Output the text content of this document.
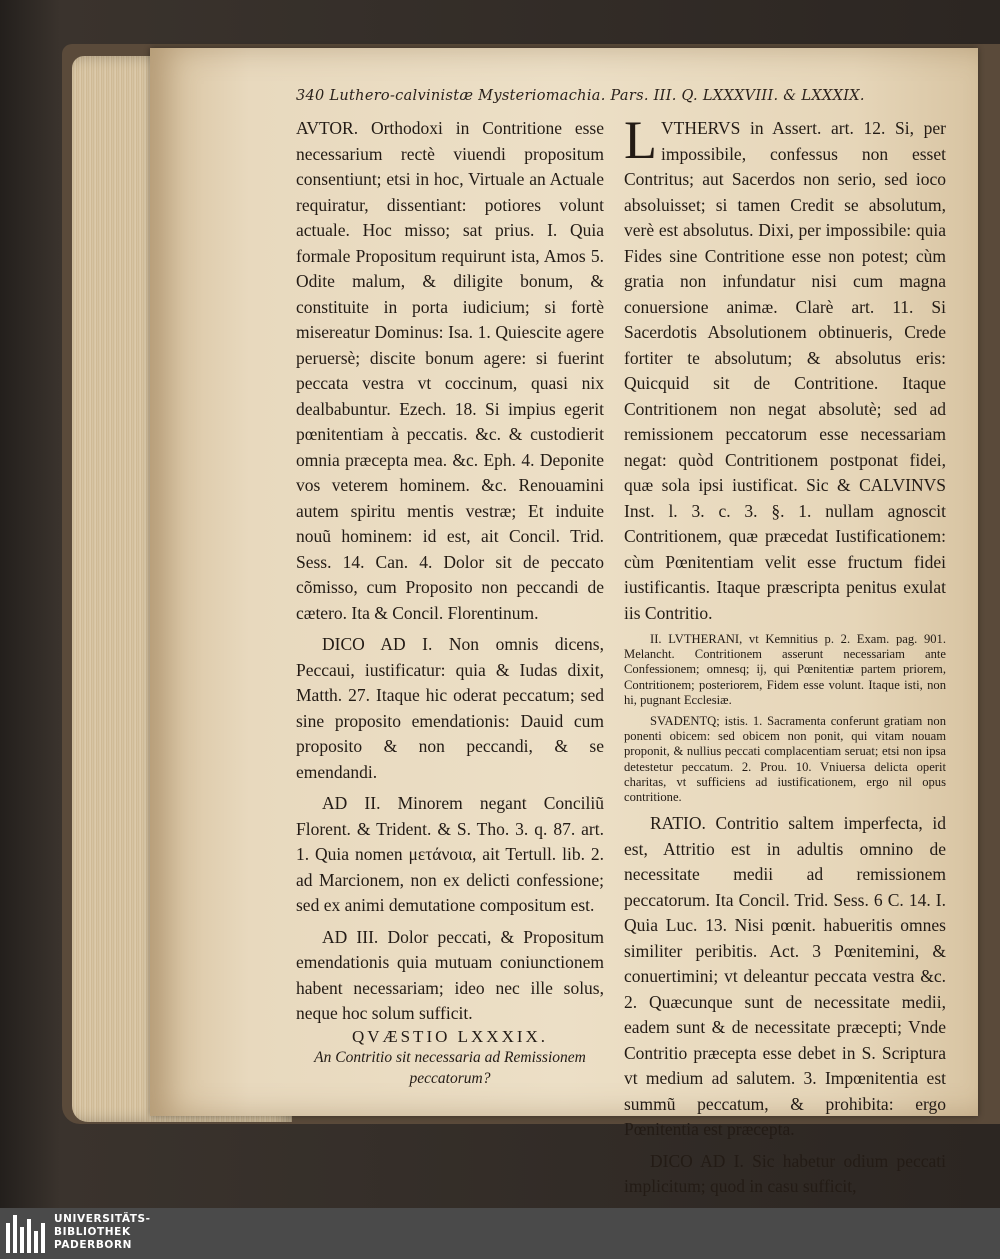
340 Luthero-calvinistæ Mysteriomachia. Pars. III. Q. LXXXVIII. & LXXXIX.

AVTOR. Orthodoxi in Contritione esse necessarium rectè viuendi propositum consentiunt; etsi in hoc, Virtuale an Actuale requiratur, dissentiant: potiores volunt actuale. Hoc misso; sat prius. I. Quia formale Propositum requirunt ista, Amos 5. Odite malum, & diligite bonum, & constituite in porta iudicium; si fortè misereatur Dominus: Isa. 1. Quiescite agere peruersè; discite bonum agere: si fuerint peccata vestra vt coccinum, quasi nix dealbabuntur. Ezech. 18. Si impius egerit pœnitentiam à peccatis. &c. & custodierit omnia præcepta mea. &c. Eph. 4. Deponite vos veterem hominem. &c. Renouamini autem spiritu mentis vestræ; Et induite nouũ hominem: id est, ait Concil. Trid. Sess. 14. Can. 4. Dolor sit de peccato cõmisso, cum Proposito non peccandi de cætero. Ita & Concil. Florentinum.

DICO AD I. Non omnis dicens, Peccaui, iustificatur: quia & Iudas dixit, Matth. 27. Itaque hic oderat peccatum; sed sine proposito emendationis: Dauid cum proposito & non peccandi, & se emendandi.

AD II. Minorem negant Conciliũ Florent. & Trident. & S. Tho. 3. q. 87. art. 1. Quia nomen μετάνοια, ait Tertull. lib. 2. ad Marcionem, non ex delicti confessione; sed ex animi demutatione compositum est.

AD III. Dolor peccati, & Propositum emendationis quia mutuam coniunctionem habent necessariam; ideo nec ille solus, neque hoc solum sufficit.

QVÆSTIO LXXXIX.

An Contritio sit necessaria ad Remissionem peccatorum?

LVTHERVS in Assert. art. 12. Si, per impossibile, confessus non esset Contritus; aut Sacerdos non serio, sed ioco absoluisset; si tamen Credit se absolutum, verè est absolutus. Dixi, per impossibile: quia Fides sine Contritione esse non potest; cùm gratia non infundatur nisi cum magna conuersione animæ. Clarè art. 11. Si Sacerdotis Absolutionem obtinueris, Crede fortiter te absolutum; & absolutus eris: Quicquid sit de Contritione. Itaque Contritionem non negat absolutè; sed ad remissionem peccatorum esse necessariam negat: quòd Contritionem postponat fidei, quæ sola ipsi iustificat. Sic & CALVINVS Inst. l. 3. c. 3. §. 1. nullam agnoscit Contritionem, quæ præcedat Iustificationem: cùm Pœnitentiam velit esse fructum fidei iustificantis. Itaque præscripta penitus exulat iis Contritio.

II. LVTHERANI, vt Kemnitius p. 2. Exam. pag. 901. Melancht. Contritionem asserunt necessariam ante Confessionem; omnesq; ij, qui Pœnitentiæ partem priorem, Contritionem; posteriorem, Fidem esse volunt. Itaque isti, non hi, pugnant Ecclesiæ.

SVADENTQ; istis. 1. Sacramenta conferunt gratiam non ponenti obicem: sed obicem non ponit, qui vitam nouam proponit, & nullius peccati complacentiam seruat; etsi non ipsa detestetur peccatum. 2. Prou. 10. Vniuersa delicta operit charitas, vt sufficiens ad iustificationem, ergo nil opus contritione.

RATIO. Contritio saltem imperfecta, id est, Attritio est in adultis omnino de necessitate medii ad remissionem peccatorum. Ita Concil. Trid. Sess. 6 C. 14. I. Quia Luc. 13. Nisi pœnit. habueritis omnes similiter peribitis. Act. 3 Pœnitemini, & conuertimini; vt deleantur peccata vestra &c. 2. Quæcunque sunt de necessitate medii, eadem sunt & de necessitate præcepti; Vnde Contritio præcepta esse debet in S. Scriptura vt medium ad salutem. 3. Impœnitentia est summũ peccatum, & prohibita: ergo Pœnitentia est præcepta.

DICO AD I. Sic habetur odium peccati implicitum; quod in casu sufficit,

UNIVERSITÄTS-
BIBLIOTHEK
PADERBORN
